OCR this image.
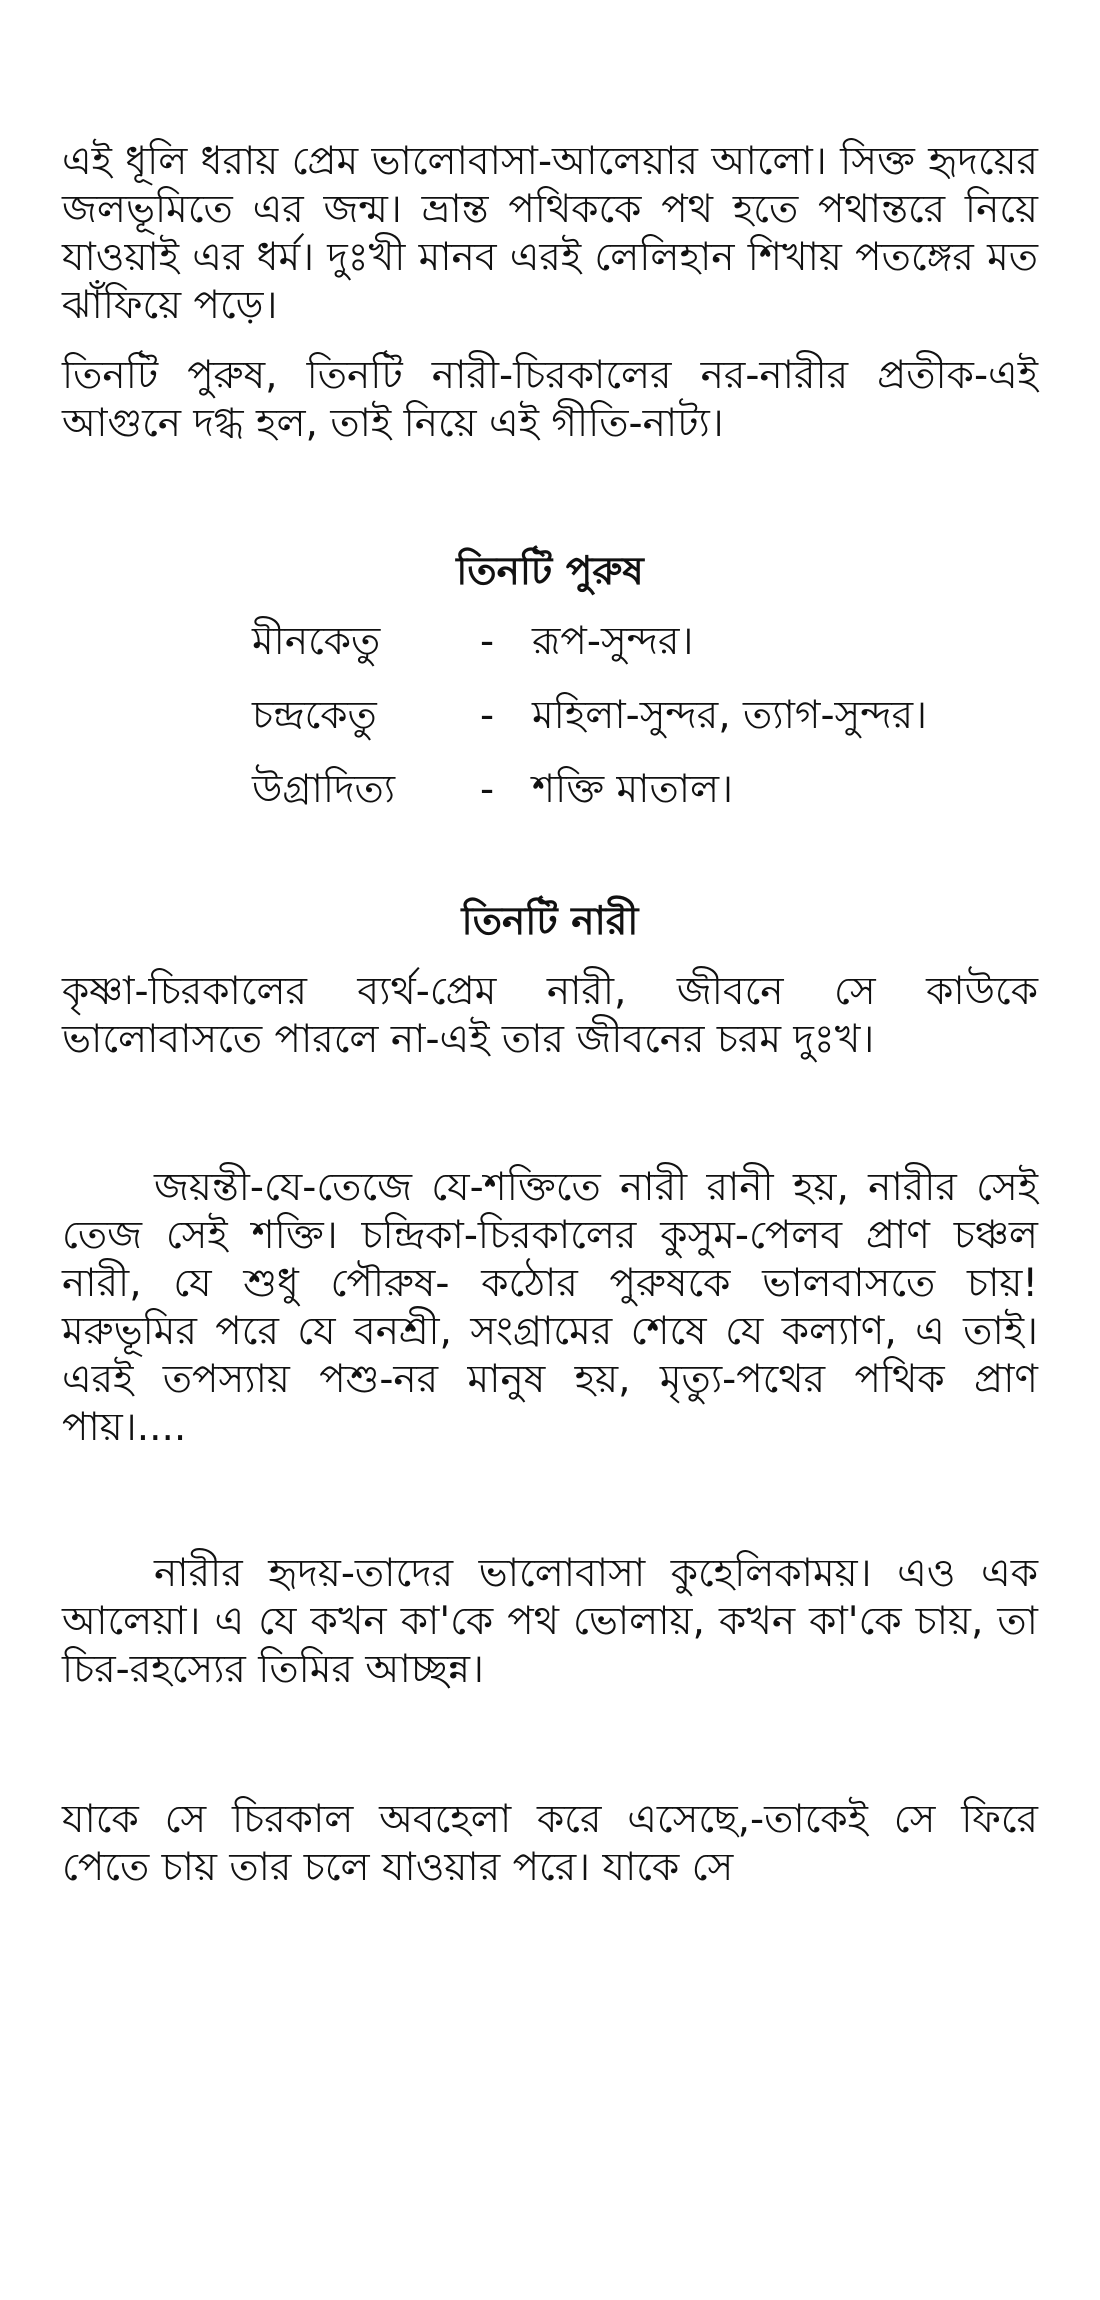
এই ধূলি ধরায় প্রেম ভালোবাসা-আলেয়ার আলো। সিক্ত হৃদয়ের জলভূমিতে এর জন্ম। ভ্রান্ত পথিককে পথ হতে পথান্তরে নিয়ে যাওয়াই এর ধর্ম। দুঃখী মানব এরই লেলিহান শিখায় পতঙ্গের মত ঝাঁফিয়ে পড়ে।

তিনটি পুরুষ, তিনটি নারী-চিরকালের নর-নারীর প্রতীক-এই আগুনে দগ্ধ হল, তাই নিয়ে এই গীতি-নাট্য।

তিনটি পুরুষ
মীনকেতু	-	রূপ-সুন্দর।
চন্দ্রকেতু	-	মহিলা-সুন্দর, ত্যাগ-সুন্দর।
উগ্রাদিত্য	-	শক্তি মাতাল।
তিনটি নারী

কৃষ্ণা-চিরকালের ব্যর্থ-প্রেম নারী, জীবনে সে কাউকে ভালোবাসতে পারলে না-এই তার জীবনের চরম দুঃখ।

জয়ন্তী-যে-তেজে যে-শক্তিতে নারী রানী হয়, নারীর সেই তেজ সেই শক্তি। চন্দ্রিকা-চিরকালের কুসুম-পেলব প্রাণ চঞ্চল নারী, যে শুধু পৌরুষ- কঠোর পুরুষকে ভালবাসতে চায়! মরুভূমির পরে যে বনশ্রী, সংগ্রামের শেষে যে কল্যাণ, এ তাই। এরই তপস্যায় পশু-নর মানুষ হয়, মৃত্যু-পথের পথিক প্রাণ পায়।....

নারীর হৃদয়-তাদের ভালোবাসা কুহেলিকাময়। এও এক আলেয়া। এ যে কখন কা'কে পথ ভোলায়, কখন কা'কে চায়, তা চির-রহস্যের তিমির আচ্ছন্ন।

যাকে সে চিরকাল অবহেলা করে এসেছে,-তাকেই সে ফিরে পেতে চায় তার চলে যাওয়ার পরে। যাকে সে
